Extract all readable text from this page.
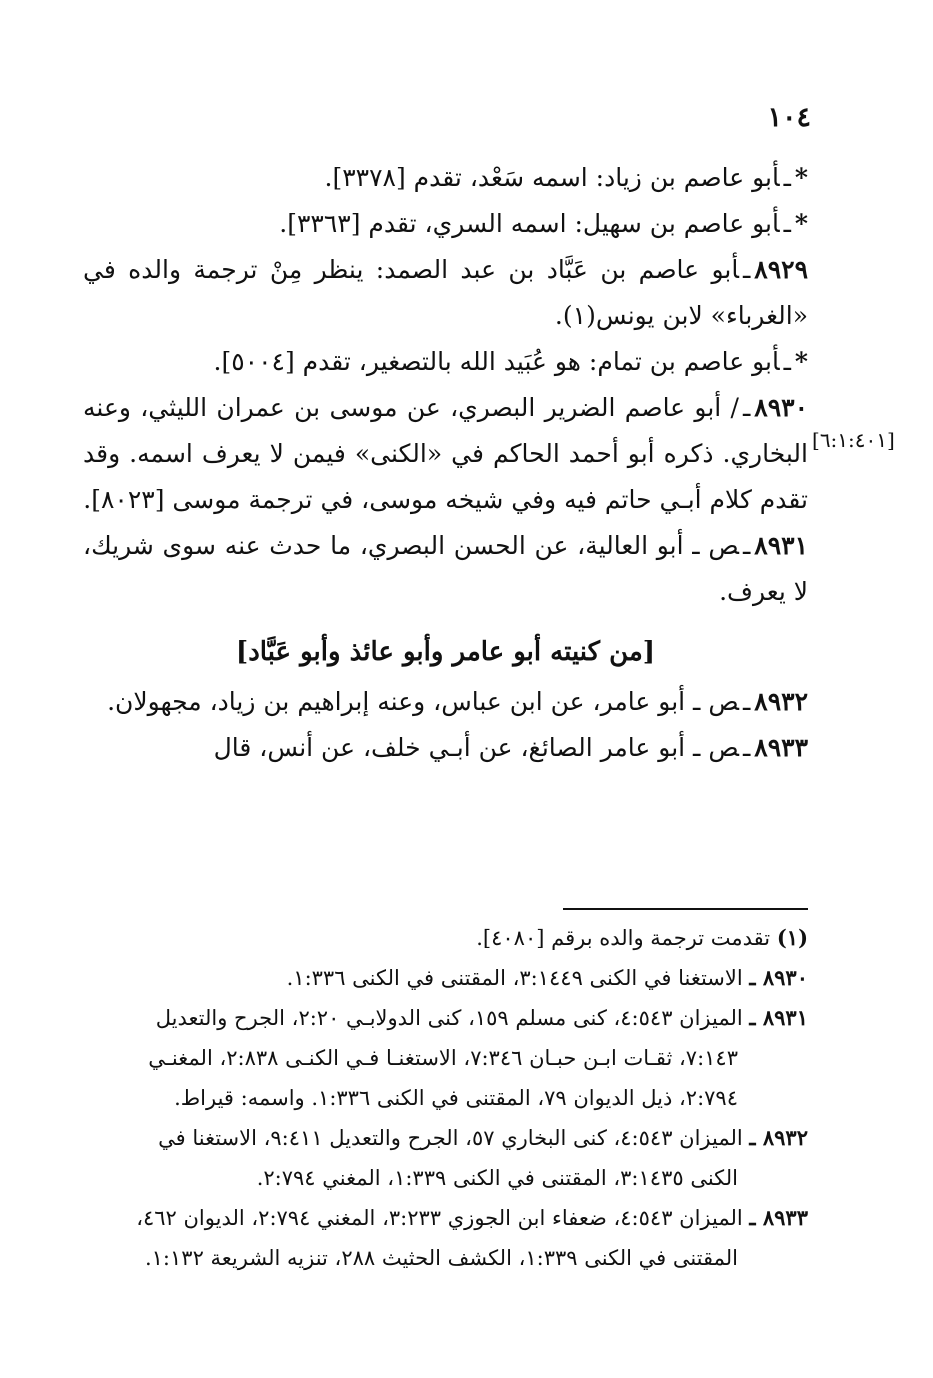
١٠٤
[٦:١:٤٠١]

*ـأبو عاصم بن زياد: اسمه سَعْد، تقدم [٣٣٧٨].

*ـأبو عاصم بن سهيل: اسمه السري، تقدم [٣٣٦٣].

٨٩٢٩ـأبو عاصم بن عَبَّاد بن عبد الصمد: ينظر مِنْ ترجمة والده في «الغرباء» لابن يونس(١).

*ـأبو عاصم بن تمام: هو عُبَيد الله بالتصغير، تقدم [٥٠٠٤].

٨٩٣٠ـ/ أبو عاصم الضرير البصري، عن موسى بن عمران الليثي، وعنه البخاري. ذكره أبو أحمد الحاكم في «الكنى» فيمن لا يعرف اسمه. وقد تقدم كلام أبـي حاتم فيه وفي شيخه موسى، في ترجمة موسى [٨٠٢٣].

٨٩٣١ـص ـ أبو العالية، عن الحسن البصري، ما حدث عنه سوى شريك، لا يعرف.

[من كنيته أبو عامر وأبو عائذ وأبو عَبَّاد]

٨٩٣٢ـص ـ أبو عامر، عن ابن عباس، وعنه إبراهيم بن زياد، مجهولان.

٨٩٣٣ـص ـ أبو عامر الصائغ، عن أبـي خلف، عن أنس، قال

(١) تقدمت ترجمة والده برقم [٤٠٨٠].

٨٩٣٠ ـ الاستغنا في الكنى ٣:١٤٤٩، المقتنى في الكنى ١:٣٣٦.

٨٩٣١ ـ الميزان ٤:٥٤٣، كنى مسلم ١٥٩، كنى الدولابـي ٢:٢٠، الجرح والتعديل

٧:١٤٣، ثقـات ابـن حبـان ٧:٣٤٦، الاستغنـا فـي الكنـى ٢:٨٣٨، المغنـي

٢:٧٩٤، ذيل الديوان ٧٩، المقتنى في الكنى ١:٣٣٦. واسمه: قيراط.

٨٩٣٢ ـ الميزان ٤:٥٤٣، كنى البخاري ٥٧، الجرح والتعديل ٩:٤١١، الاستغنا في

الكنى ٣:١٤٣٥، المقتنى في الكنى ١:٣٣٩، المغني ٢:٧٩٤.

٨٩٣٣ ـ الميزان ٤:٥٤٣، ضعفاء ابن الجوزي ٣:٢٣٣، المغني ٢:٧٩٤، الديوان ٤٦٢،

المقتنى في الكنى ١:٣٣٩، الكشف الحثيث ٢٨٨، تنزيه الشريعة ١:١٣٢.
